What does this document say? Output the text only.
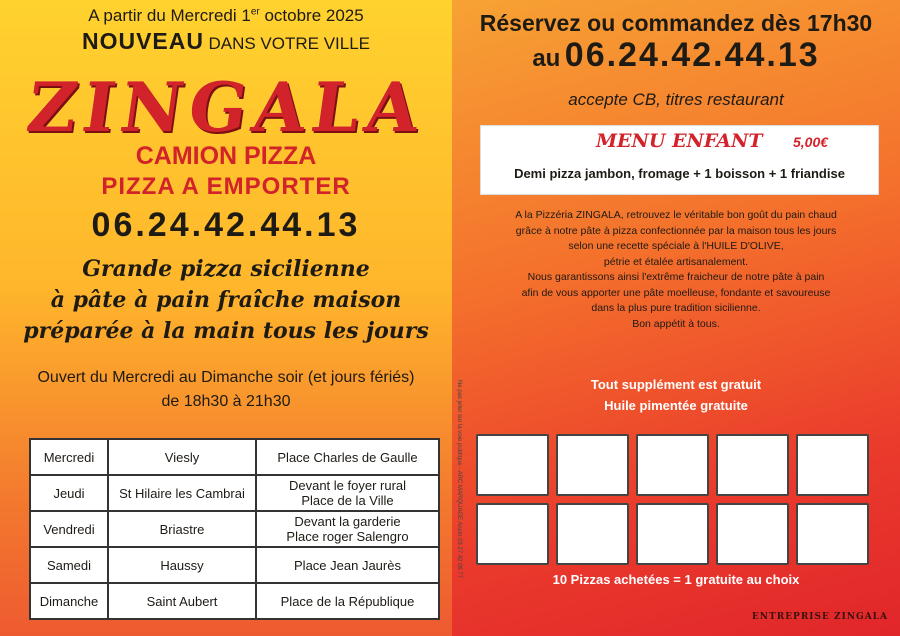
A partir du Mercredi 1er octobre 2025
NOUVEAU DANS VOTRE VILLE
ZINGALA
CAMION PIZZA
PIZZA A EMPORTER
06.24.42.44.13
Grande pizza sicilienne
à pâte à pain fraîche maison
préparée à la main tous les jours
Ouvert du Mercredi au Dimanche soir (et jours fériés)
de 18h30 à 21h30
Mercredi	Viesly	Place Charles de Gaulle

Jeudi	St Hilaire les Cambrai	Devant le foyer rural
Place de la Ville

Vendredi	Briastre	Devant la garderie
Place roger Salengro

Samedi	Haussy	Place Jean Jaurès

Dimanche	Saint Aubert	Place de la République
Réservez ou commandez dès 17h30
au 06.24.42.44.13
accepte CB, titres restaurant
MENU ENFANT 5,00€
Demi pizza jambon, fromage + 1 boisson + 1 friandise
A la Pizzéria ZINGALA, retrouvez le véritable bon goût du pain chaud
grâce à notre pâte à pizza confectionnée par la maison tous les jours
selon une recette spéciale à l'HUILE D'OLIVE,
pétrie et étalée artisanalement.
Nous garantissons ainsi l'extrême fraicheur de notre pâte à pain
afin de vous apporter une pâte moelleuse, fondante et savoureuse
dans la plus pure tradition sicilienne.
Bon appétit à tous.
Tout supplément est gratuit
Huile pimentée gratuite
10 Pizzas achetées = 1 gratuite au choix
ENTREPRISE ZINGALA
Ne pas jeter sur la voie publique - ARC MARQUAGE Anzin 03 27 42 06 77
